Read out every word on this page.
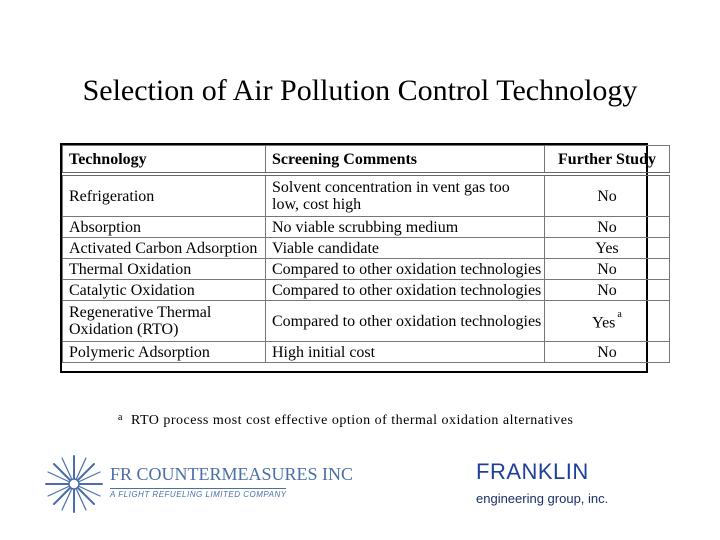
Selection of Air Pollution Control Technology
Technology	Screening Comments	Further Study
Refrigeration	Solvent concentration in vent gas too low, cost high	No
Absorption	No viable scrubbing medium	No
Activated Carbon Adsorption	Viable candidate	Yes
Thermal Oxidation	Compared to other oxidation technologies	No
Catalytic Oxidation	Compared to other oxidation technologies	No
Regenerative Thermal Oxidation (RTO)	Compared to other oxidation technologies	Yes $^a$
Polymeric Adsorption	High initial cost	No
$^a$ RTO process most cost effective option of thermal oxidation alternatives
FR COUNTERMEASURES INC
A FLIGHT REFUELING LIMITED COMPANY
FRANKLIN
engineering group, inc.
